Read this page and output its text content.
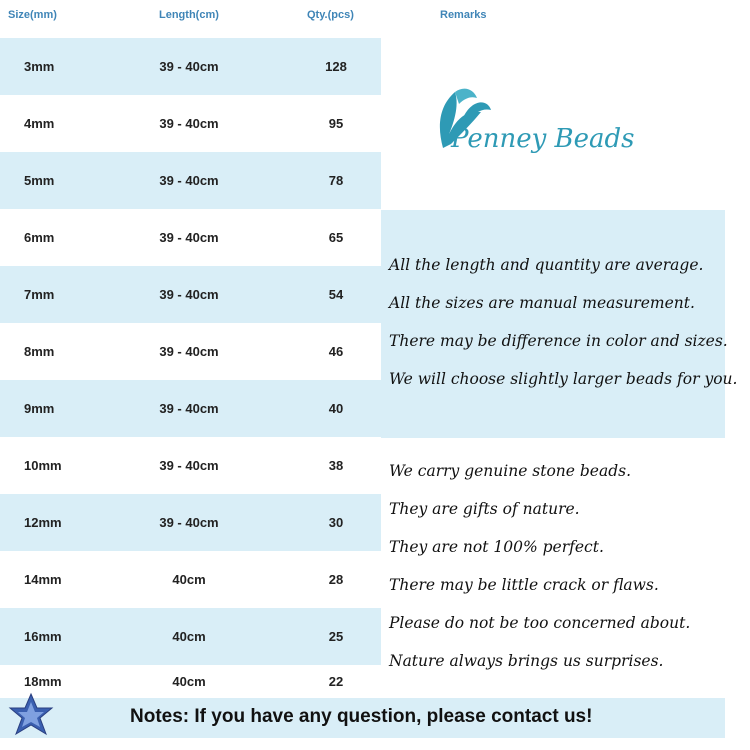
Size(mm)	Length(cm)	Qty.(pcs)	Remarks
3mm	39 - 40cm	128
4mm	39 - 40cm	95
5mm	39 - 40cm	78
6mm	39 - 40cm	65
7mm	39 - 40cm	54
8mm	39 - 40cm	46
9mm	39 - 40cm	40
10mm	39 - 40cm	38
12mm	39 - 40cm	30
14mm	40cm	28
16mm	40cm	25
18mm	40cm	22
Penney Beads
All the length and quantity are average.
All the sizes are manual measurement.
There may be difference in color and sizes.
We will choose slightly larger beads for you.
We carry genuine stone beads.
They are gifts of nature.
They are not 100% perfect.
There may be little crack or flaws.
Please do not be too concerned about.
Nature always brings us surprises.
Notes: If you have any question, please contact us!
